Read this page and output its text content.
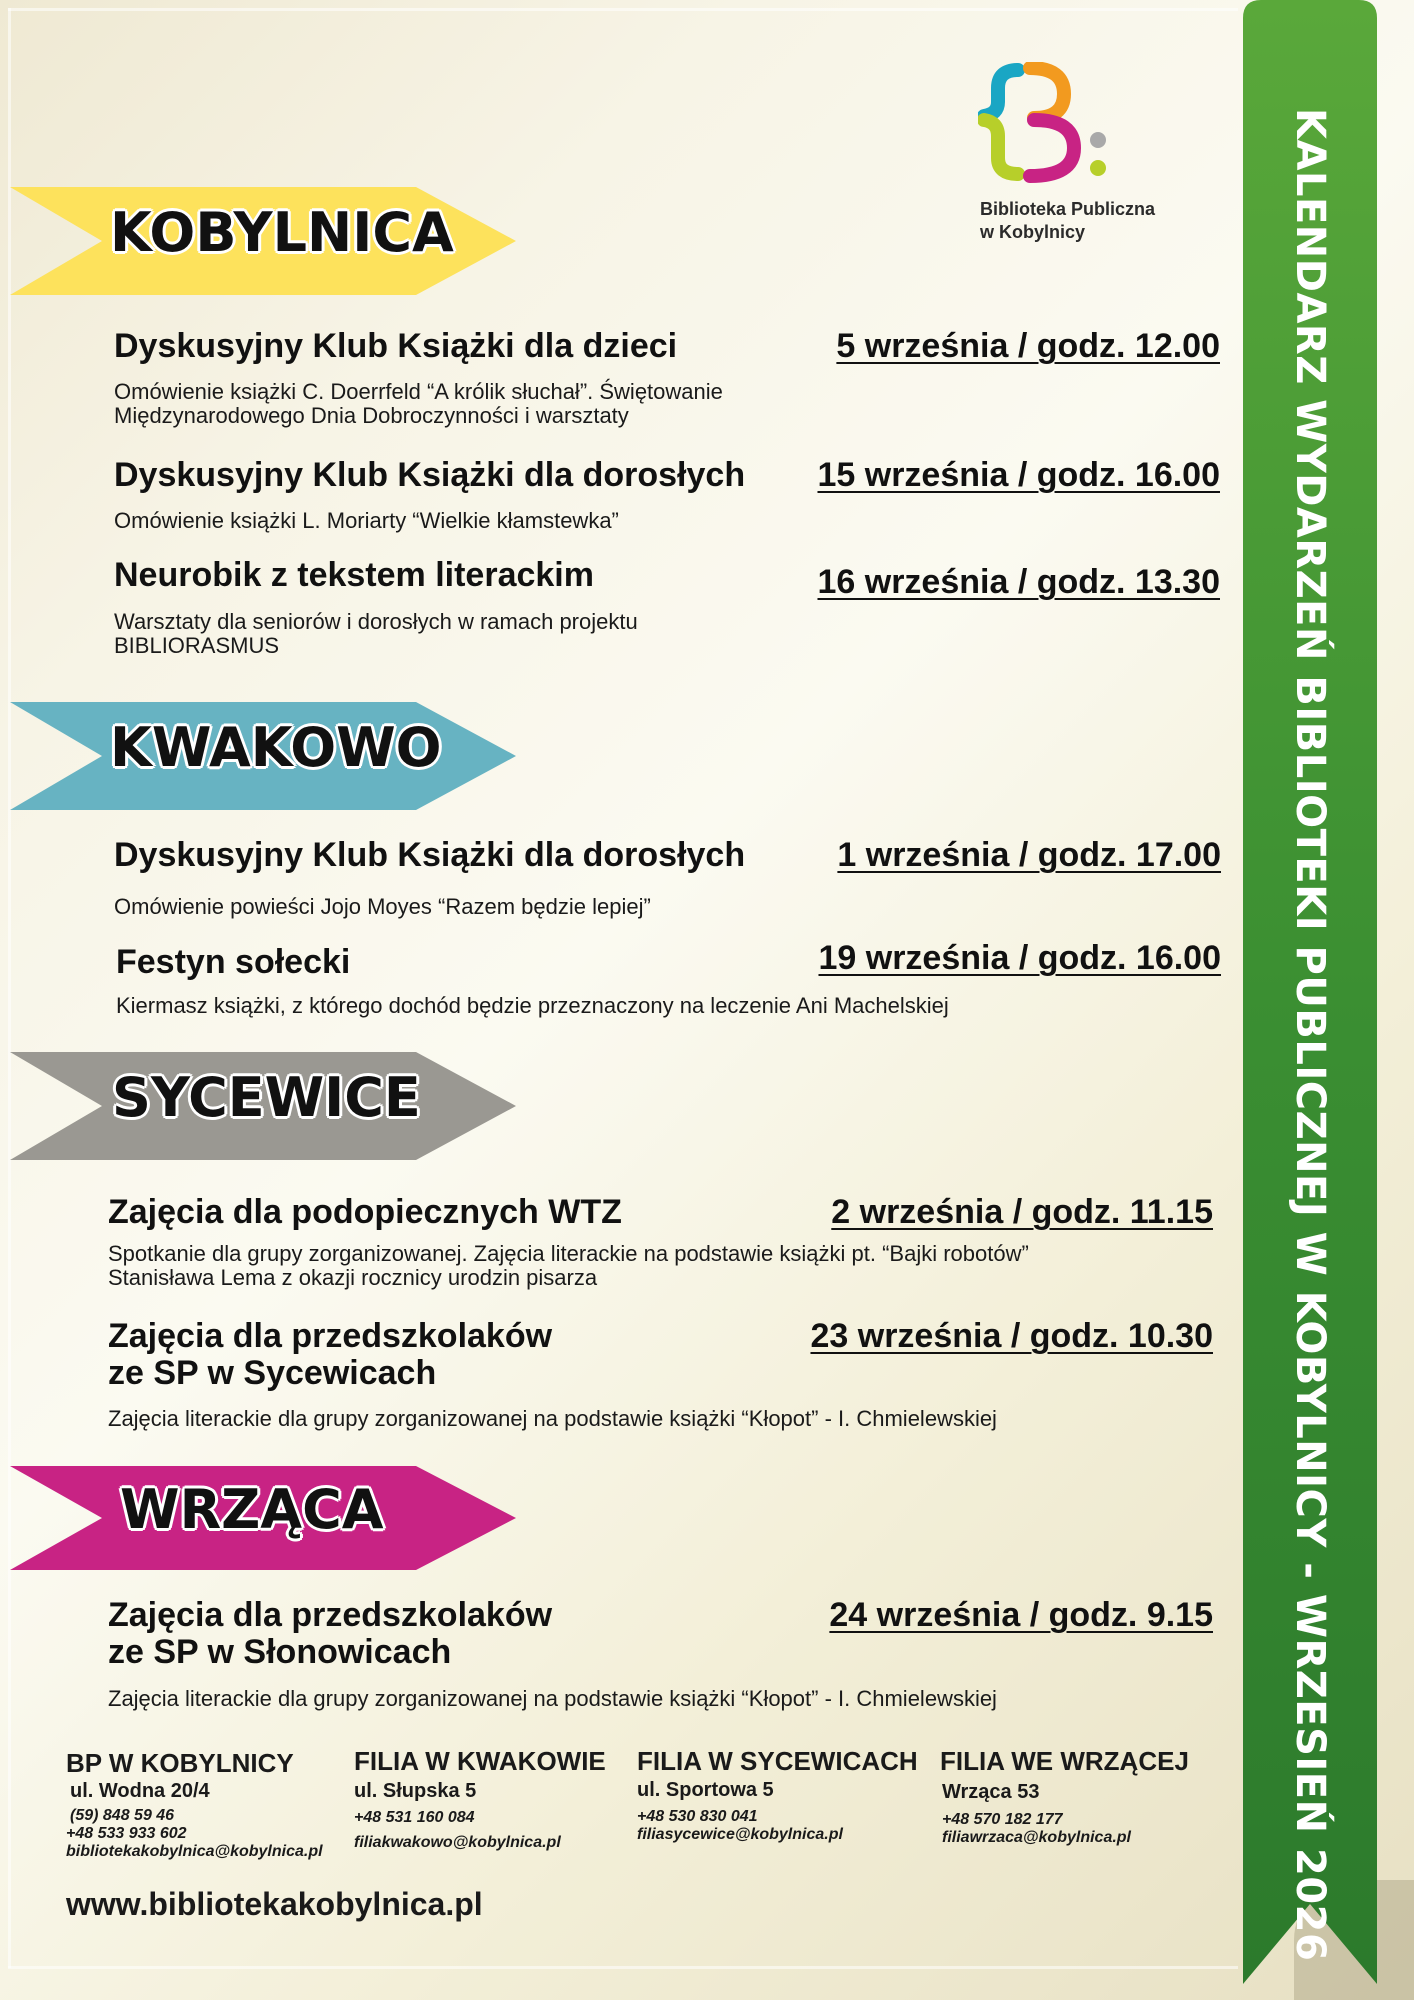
KALENDARZ WYDARZEŃ BIBLIOTEKI PUBLICZNEJ W KOBYLNICY - WRZESIEŃ 2026
Biblioteka Publiczna
w Kobylnicy
KOBYLNICA
Dyskusyjny Klub Książki dla dzieci	5 września / godz. 12.00
Omówienie książki C. Doerrfeld “A królik słuchał”. Świętowanie
Międzynarodowego Dnia Dobroczynności i warsztaty
Dyskusyjny Klub Książki dla dorosłych 15 września / godz. 16.00
Omówienie książki L. Moriarty “Wielkie kłamstewka”
Neurobik z tekstem literackim	16 września / godz. 13.30
Warsztaty dla seniorów i dorosłych w ramach projektu
BIBLIORASMUS
KWAKOWO
Dyskusyjny Klub Książki dla dorosłych	1 września / godz. 17.00
Omówienie powieści Jojo Moyes “Razem będzie lepiej”
Festyn sołecki	19 września / godz. 16.00
Kiermasz książki, z którego dochód będzie przeznaczony na leczenie Ani Machelskiej
SYCEWICE
Zajęcia dla podopiecznych WTZ	2 września / godz. 11.15
Spotkanie dla grupy zorganizowanej. Zajęcia literackie na podstawie książki pt. “Bajki robotów”
Stanisława Lema z okazji rocznicy urodzin pisarza
Zajęcia dla przedszkolaków
ze SP w Sycewicach
23 września / godz. 10.30
Zajęcia literackie dla grupy zorganizowanej na podstawie książki “Kłopot” - I. Chmielewskiej
WRZĄCA
Zajęcia dla przedszkolaków
ze SP w Słonowicach
24 września / godz. 9.15
Zajęcia literackie dla grupy zorganizowanej na podstawie książki “Kłopot” - I. Chmielewskiej
BP W KOBYLNICY
ul. Wodna 20/4
(59) 848 59 46
+48 533 933 602
bibliotekakobylnica@kobylnica.pl
FILIA W KWAKOWIE
ul. Słupska 5
+48 531 160 084
filiakwakowo@kobylnica.pl
FILIA W SYCEWICACH
ul. Sportowa 5
+48 530 830 041
filiasycewice@kobylnica.pl
FILIA WE WRZĄCEJ
Wrząca 53
+48 570 182 177
filiawrzaca@kobylnica.pl
www.bibliotekakobylnica.pl
